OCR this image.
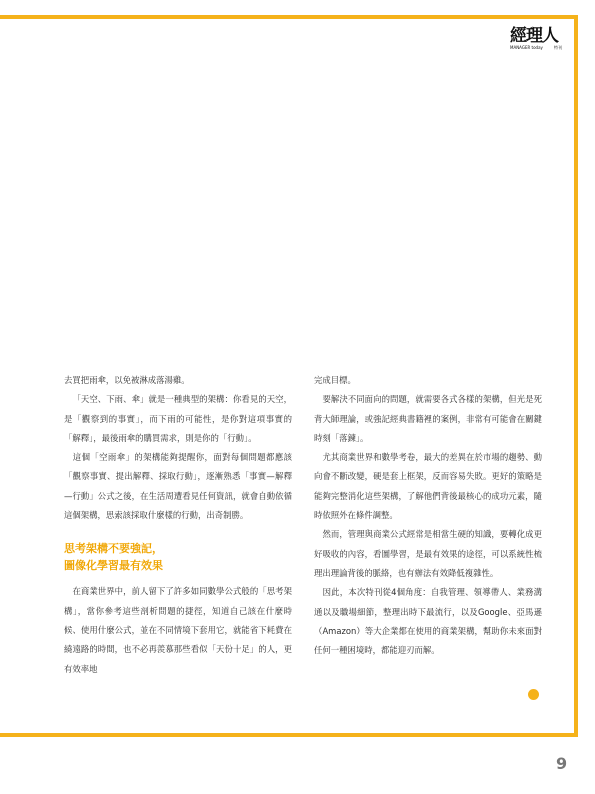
經理人
MANAGER today	特刊

去買把雨傘，以免被淋成落湯雞。

 「天空、下雨、傘」就是一種典型的架構：你看見的天空，是「觀察到的事實」，而下雨的可能性，是你對這項事實的「解釋」，最後雨傘的購買需求，則是你的「行動」。

 這個「空雨傘」的架構能夠提醒你，面對每個問題都應該「觀察事實、提出解釋、採取行動」，逐漸熟悉「事實—解釋—行動」公式之後，在生活周遭看見任何資訊，就會自動依循這個架構，思索該採取什麼樣的行動，出奇制勝。

思考架構不要強記，
圖像化學習最有效果

 在商業世界中，前人留下了許多如同數學公式般的「思考架構」，當你參考這些剖析問題的捷徑，知道自己該在什麼時候、使用什麼公式，並在不同情境下套用它，就能省下耗費在繞遠路的時間，也不必再羨慕那些看似「天份十足」的人，更有效率地

完成目標。

 要解決不同面向的問題，就需要各式各樣的架構，但光是死背大師理論，或強記經典書籍裡的案例，非常有可能會在關鍵時刻「落鍊」。

 尤其商業世界和數學考卷，最大的差異在於市場的趨勢、動向會不斷改變，硬是套上框架，反而容易失敗。更好的策略是能夠完整消化這些架構，了解他們背後最核心的成功元素，隨時依照外在條件調整。

 然而，管理與商業公式經常是相當生硬的知識，要轉化成更好吸收的內容，看圖學習，是最有效果的途徑，可以系統性梳理出理論背後的脈絡，也有辦法有效降低複雜性。

 因此，本次特刊從4個角度：自我管理、領導帶人、業務溝通以及職場細節，整理出時下最流行，以及Google、亞馬遜（Amazon）等大企業都在使用的商業架構，幫助你未來面對任何一種困境時，都能迎刃而解。

9
